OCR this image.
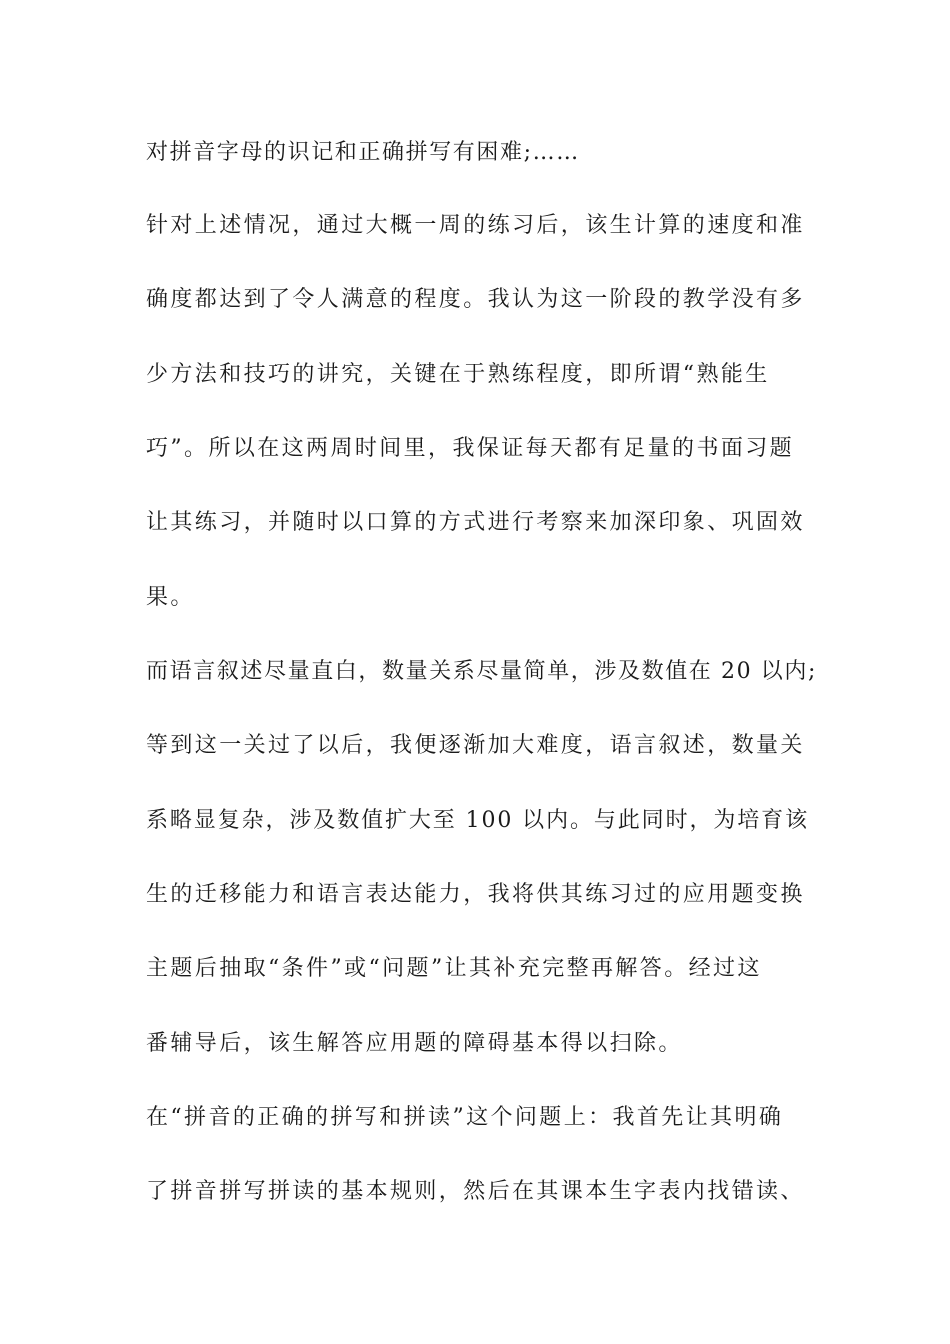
对拼音字母的识记和正确拼写有困难;……
针对上述情况，通过大概一周的练习后，该生计算的速度和准
确度都达到了令人满意的程度。我认为这一阶段的教学没有多
少方法和技巧的讲究，关键在于熟练程度，即所谓“熟能生
巧”。所以在这两周时间里，我保证每天都有足量的书面习题
让其练习，并随时以口算的方式进行考察来加深印象、巩固效
果。
而语言叙述尽量直白，数量关系尽量简单，涉及数值在 20 以内;
等到这一关过了以后，我便逐渐加大难度，语言叙述，数量关
系略显复杂，涉及数值扩大至 100 以内。与此同时，为培育该
生的迁移能力和语言表达能力，我将供其练习过的应用题变换
主题后抽取“条件”或“问题”让其补充完整再解答。经过这
番辅导后，该生解答应用题的障碍基本得以扫除。
在“拼音的正确的拼写和拼读”这个问题上：我首先让其明确
了拼音拼写拼读的基本规则，然后在其课本生字表内找错读、
